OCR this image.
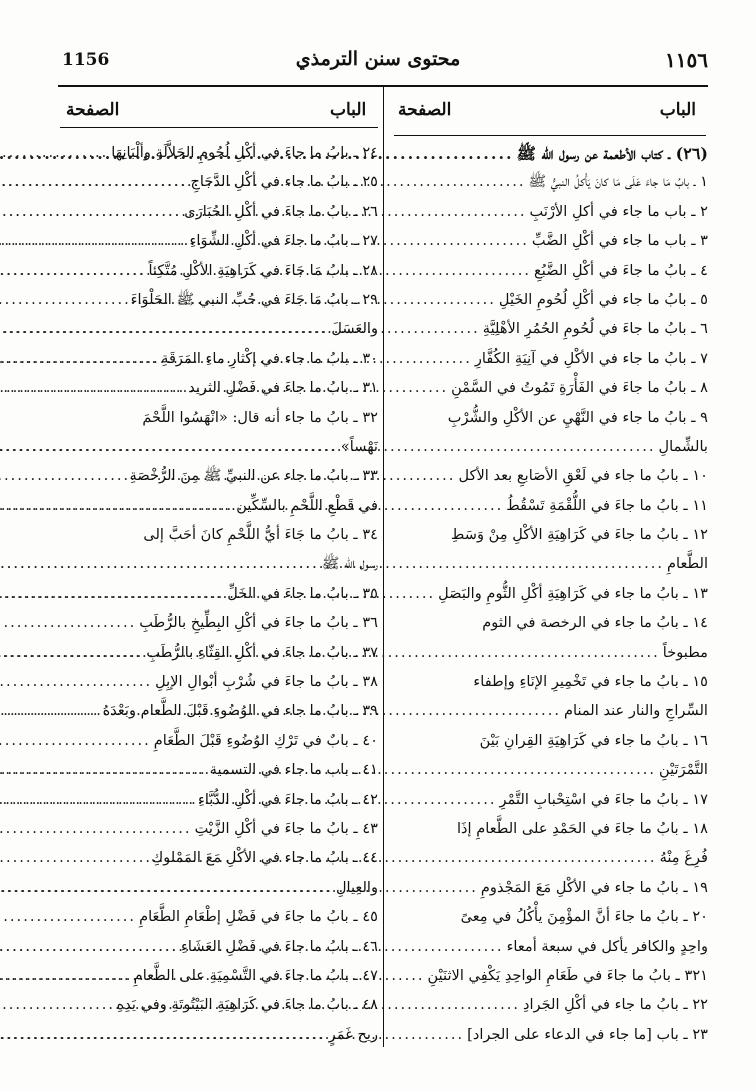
1156	محتوى سنن الترمذي	١١٥٦
الباب
الصفحة
الباب
الصفحة
(٢٦) ـ كتاب الأطعمة عن رسول الله ﷺ
.....
١ ـ بابُ مَا جاءَ عَلَى مَا كانَ يَأْكلُ النبيُّ ﷺ
.....
٢ ـ باب ما جاء في أكلِ الأرْنَبِ
.....
٣ ـ باب ما جاء في أكْلِ الضَّبِّ
.....
٤ ـ بابُ ما جاءَ في أكْلِ الضَّبُعِ
.....
٥ ـ بابُ ما جاء في أكْلِ لُحُومِ الخَيْلِ
.....
٦ ـ بابُ ما جاءَ في لُحُومِ الحُمُرِ الأهْلِيَّةِ
.....
٧ ـ بابُ ما جاء في الأكْلِ في آنِيَةِ الكُفَّارِ
.....
٨ ـ بابُ ما جاءَ في الفَأْرَةِ تَمُوتُ في السَّمْنِ
.....
٩ ـ بابُ ما جاء في النَّهْيِ عن الأكْلِ والشُّرْبِ
بالشِّمالِ
.....
١٠ ـ بابُ ما جاء في لَعْقِ الأصَابعِ بعد الأكل
.....
١١ ـ بابُ ما جاءَ في اللُّقْمَةِ تَسْقُطُ
.....
١٢ ـ بابُ ما جاءَ في كَرَاهِيَةِ الأكْلِ مِنْ وَسَطِ
الطَّعامِ
.....
١٣ ـ بابُ ما جاء في كَرَاهِيَةِ أكْلِ الثُّومِ والبَصَلِ
.....
١٤ ـ بابُ ما جاء في الرخصة في الثوم
مطبوخاً
.....
١٥ ـ بابُ ما جاء في تَخْمِيرِ الإنَاءِ وإطفاء
السِّراجِ والنار عند المنام
.....
١٦ ـ بابُ ما جاء في كَرَاهِيَةِ القِرانِ بَيْنَ
التَّمْرَتَيْنِ
.....
١٧ ـ بابُ ما جاءَ في اسْتِحْبابِ التَّمْرِ
.....
١٨ ـ بابُ ما جاءَ في الحَمْدِ على الطَّعامِ إذَا
فُرِغَ مِنْهُ
.....
١٩ ـ بابُ ما جاء في الأكْلِ مَعَ المَجْذومِ
.....
٢٠ ـ بابُ ما جاءَ أنَّ المؤْمِنَ يأْكُلُ في مِعىً
واحِدٍ والكافر يأكل في سبعة أمعاء
.....
٣٢١ ـ بابُ ما جاءَ في طَعَامِ الواحِدِ يَكْفِي الاثنَيْنِ
.....
٢٢ ـ بابُ ما جاء في أكْلِ الجَرادِ
.....
٢٣ ـ باب [ما جاء في الدعاء على الجراد]
.....
٢٤ ـ بابُ ما جاءَ في أكْلِ لُحُومِ الجَلاَّلَةِ وألْبَانِهَا
.....
٢٥ ـ بابُ ما جاء في أكْلِ الدَّجَاجِ
.....
٢٦ ـ بابُ ما جاءَ في أكْلِ الحُبَارَى
.....
٢٧ ـ بابُ ما جاءَ في أكْلِ الشِّوَاءِ
.....
٢٨ ـ بابُ مَا جَاءَ في كَرَاهِيَةِ الأكْلِ مُتَّكِئاً
.....
٢٩ ـ بابُ مَا جَاءَ في حُبِّ النبي ﷺ الحَلْوَاءَ
والعَسَلَ
.....
٣٠ ـ بابُ ما جاء في إكْثارِ ماءِ المَرَقَةِ
.....
٣١ ـ بابُ ما جاءَ في فَضْلِ الثريد
.....
٣٢ ـ بابُ ما جاء أنه قال: «انْهَسُوا اللَّحْمَ
نَهْساً»
.....
٣٣ ـ بابُ ما جاء عن النبيِّ ﷺ مِنَ الرُّخْصَةِ
في قَطْعِ اللَّحْمِ بالسِّكِّين
.....
٣٤ ـ بابُ ما جَاءَ أيُّ اللَّحْمِ كانَ أحَبَّ إلى
رسول الله ﷺ
.....
٣٥ ـ بابُ ما جاءَ في الخَلِّ
.....
٣٦ ـ بابُ ما جاءَ في أكْلِ البِطِّيخِ بالرُّطَبِ
.....
٣٧ ـ بابُ ما جاءَ في أكْلِ القِثّاءِ بالرُّطَبِ
.....
٣٨ ـ بابُ ما جاءَ في شُرْبِ أبْوالِ الإبِلِ
.....
٣٩ ـ بابُ ما جاء في الوُضُوءِ قَبْلَ الطَّعام وبَعْدَهُ
.....
٤٠ ـ بابٌ في تَرْكِ الوُضُوءِ قَبْلَ الطَّعَامِ
.....
٤١ ـ باب ما جاء في التسمية
.....
٤٢ ـ بابُ ما جاءَ في أكْلِ الدُّبَّاءِ
.....
٤٣ ـ بابُ ما جاءَ في أكْلِ الزَّيْتِ
.....
٤٤ ـ بابُ ما جاء في الأكْلِ مَعَ المَمْلوكِ
والعِيالِ
.....
٤٥ ـ بابُ ما جاءَ في فَضْلِ إطْعَامِ الطَّعَامِ
.....
٤٦ ـ بابُ ما جاءَ في فَضْلِ العَشَاءِ
.....
٤٧ ـ بابُ ما جاءَ في التَّسْمِيَةِ على الطَّعامِ
.....
٤٨ ـ بابُ ما جاءَ في كَرَاهِيَةِ البَيْتُوتَةِ وفي يَدِهِ
ريح غَمَرٍ
.....
